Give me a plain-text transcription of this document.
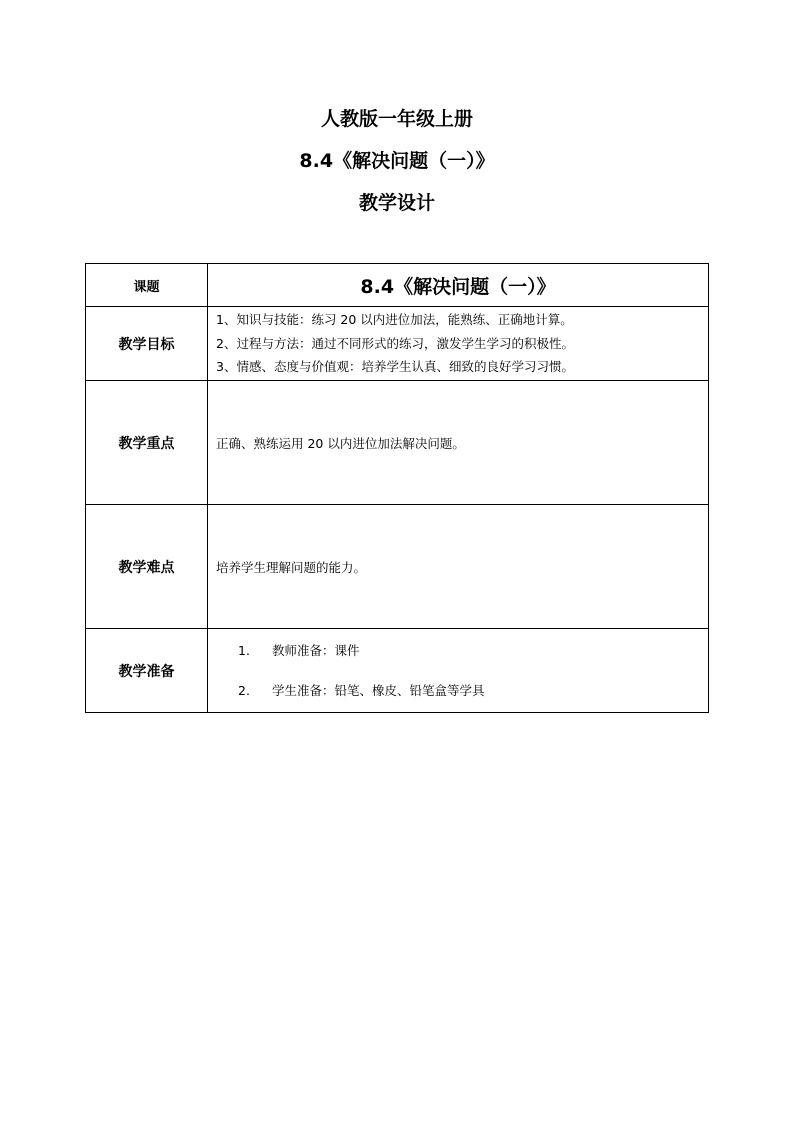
人教版一年级上册
8.4《解决问题（一）》
教学设计
课题	8.4《解决问题（一）》
教学目标	1、知识与技能：练习 20 以内进位加法，能熟练、正确地计算。
2、过程与方法：通过不同形式的练习，激发学生学习的积极性。
3、情感、态度与价值观：培养学生认真、细致的良好学习习惯。

教学重点	正确、熟练运用 20 以内进位加法解决问题。
教学难点	培养学生理解问题的能力。
教学准备	1. 教师准备：课件
2. 学生准备：铅笔、橡皮、铅笔盒等学具
